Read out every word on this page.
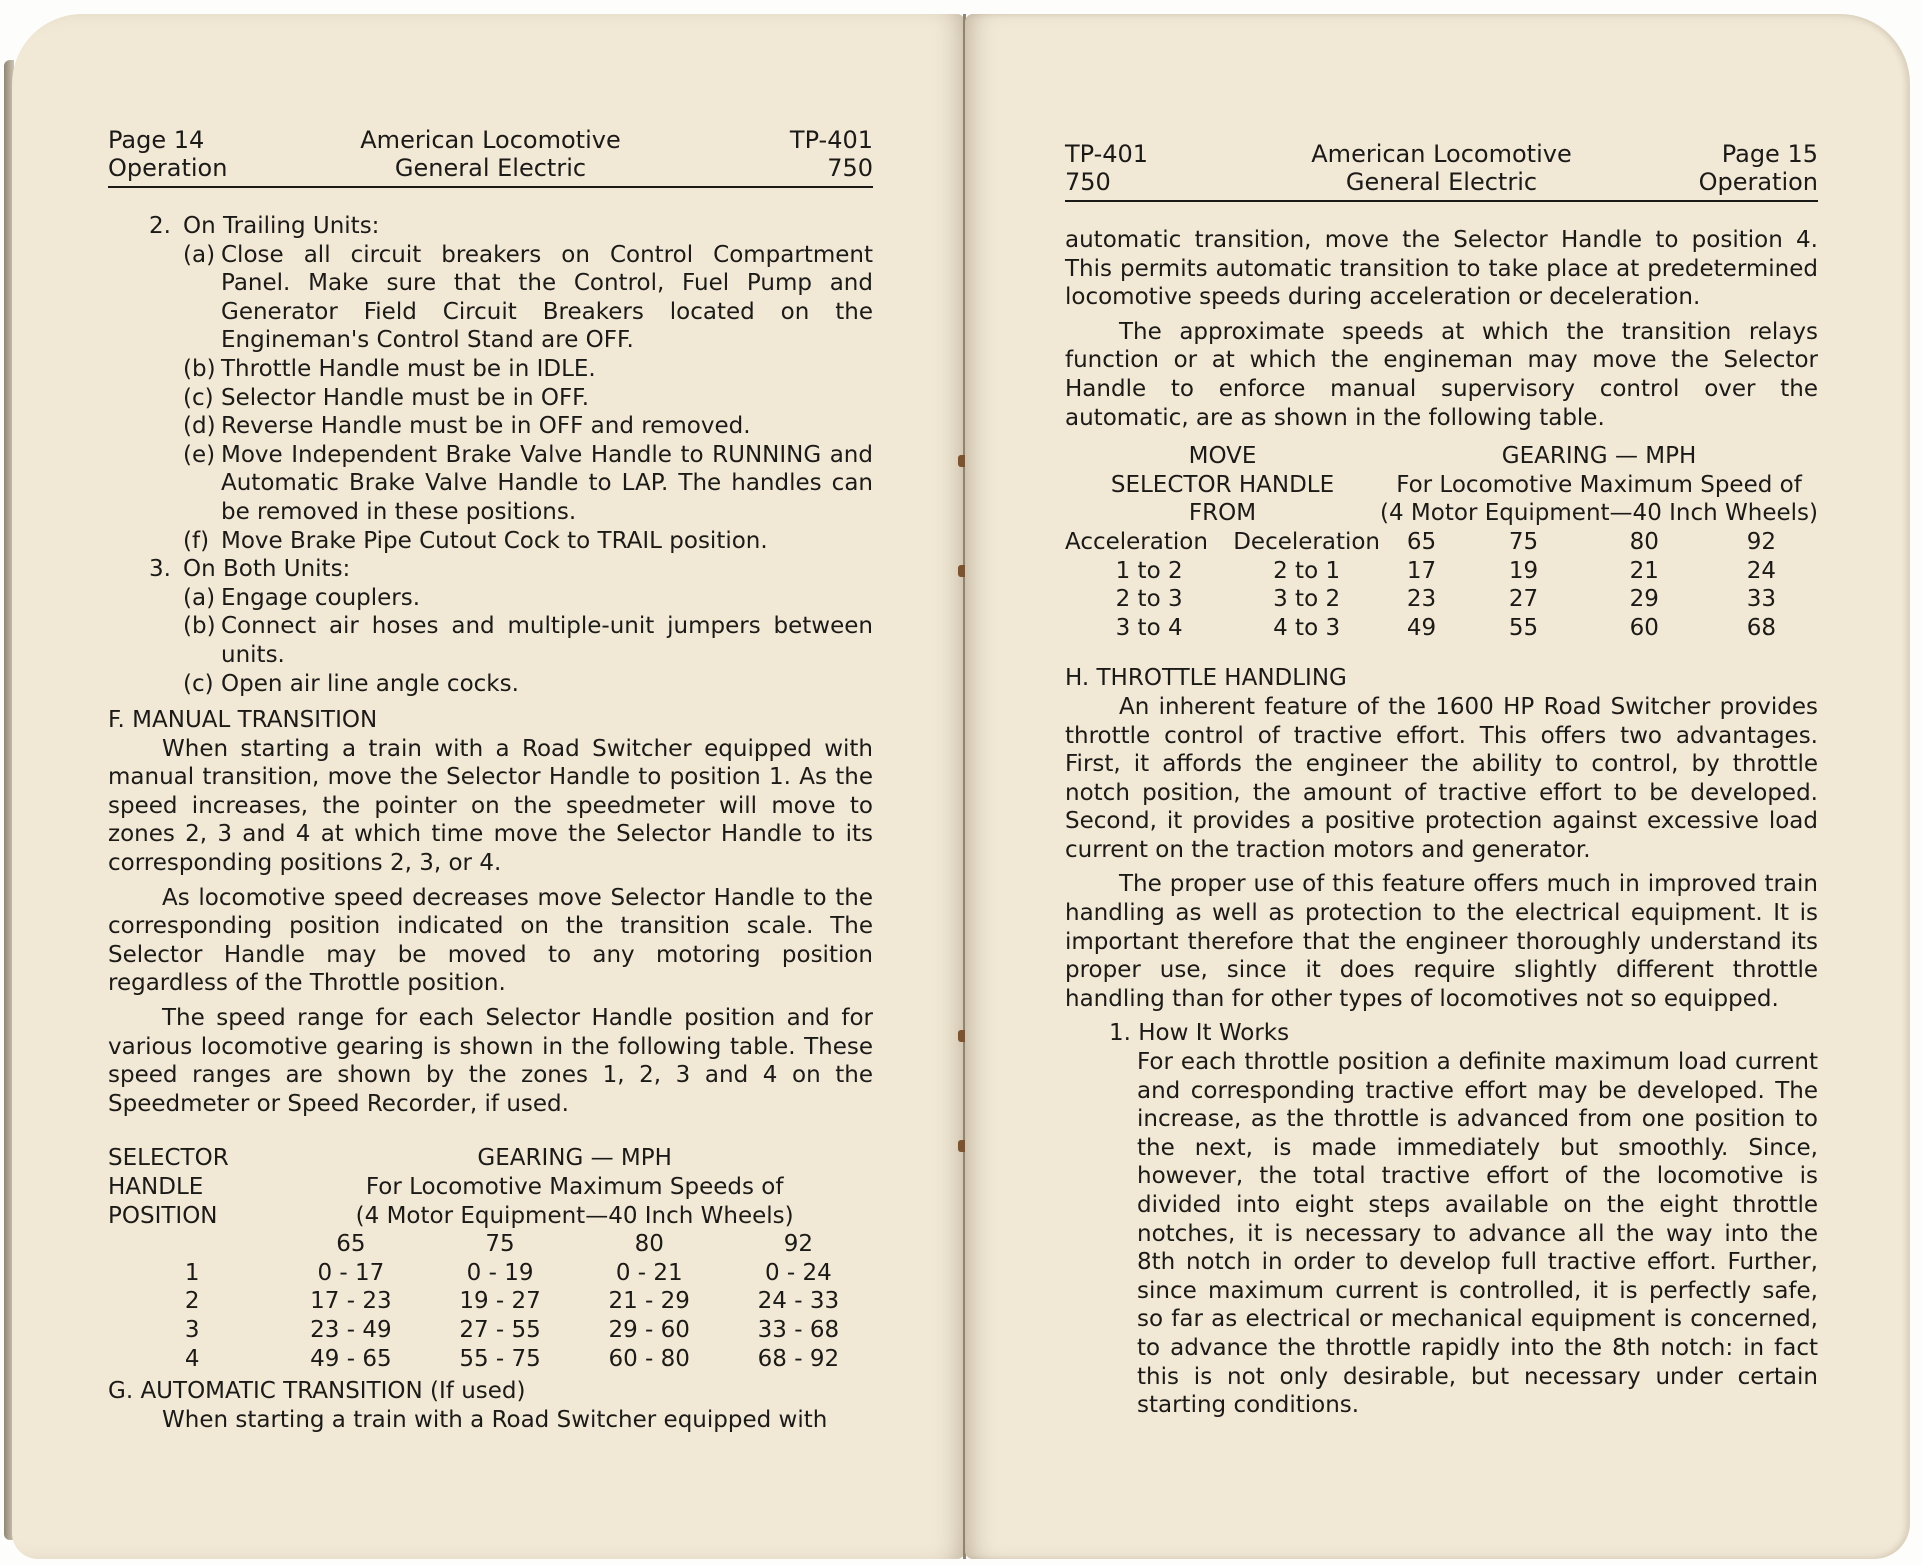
Page 14
Operation
American Locomotive
General Electric
TP-401
750
2. On Trailing Units:
(a) Close all circuit breakers on Control Compartment Panel. Make sure that the Control, Fuel Pump and Generator Field Circuit Breakers located on the Engineman's Control Stand are OFF.
(b) Throttle Handle must be in IDLE.
(c) Selector Handle must be in OFF.
(d) Reverse Handle must be in OFF and removed.
(e) Move Independent Brake Valve Handle to RUNNING and Automatic Brake Valve Handle to LAP. The handles can be removed in these positions.
(f) Move Brake Pipe Cutout Cock to TRAIL position.
3. On Both Units:
(a) Engage couplers.
(b) Connect air hoses and multiple-unit jumpers between units.
(c) Open air line angle cocks.
F. MANUAL TRANSITION

When starting a train with a Road Switcher equipped with manual transition, move the Selector Handle to position 1. As the speed increases, the pointer on the speedmeter will move to zones 2, 3 and 4 at which time move the Selector Handle to its corresponding positions 2, 3, or 4.

As locomotive speed decreases move Selector Handle to the corresponding position indicated on the transition scale. The Selector Handle may be moved to any motoring position regardless of the Throttle position.

The speed range for each Selector Handle position and for various locomotive gearing is shown in the following table. These speed ranges are shown by the zones 1, 2, 3 and 4 on the Speedmeter or Speed Recorder, if used.

SELECTOR	GEARING — MPH			
HANDLE	For Locomotive Maximum Speeds of			
POSITION	(4 Motor Equipment—40 Inch Wheels)			
	65	75	80	92
1	0 - 17	0 - 19	0 - 21	0 - 24
2	17 - 23	19 - 27	21 - 29	24 - 33
3	23 - 49	27 - 55	29 - 60	33 - 68
4	49 - 65	55 - 75	60 - 80	68 - 92
G. AUTOMATIC TRANSITION (If used)

When starting a train with a Road Switcher equipped with

TP-401
750
American Locomotive
General Electric
Page 15
Operation

automatic transition, move the Selector Handle to position 4. This permits automatic transition to take place at predetermined locomotive speeds during acceleration or deceleration.

The approximate speeds at which the transition relays function or at which the engineman may move the Selector Handle to enforce manual supervisory control over the automatic, are as shown in the following table.

MOVE		GEARING — MPH			
SELECTOR HANDLE		For Locomotive Maximum Speed of			
FROM		(4 Motor Equipment—40 Inch Wheels)			
Acceleration	Deceleration	65	75	80	92
1 to 2	2 to 1	17	19	21	24
2 to 3	3 to 2	23	27	29	33
3 to 4	4 to 3	49	55	60	68
H. THROTTLE HANDLING

An inherent feature of the 1600 HP Road Switcher provides throttle control of tractive effort. This offers two advantages. First, it affords the engineer the ability to control, by throttle notch position, the amount of tractive effort to be developed. Second, it provides a positive protection against excessive load current on the traction motors and generator.

The proper use of this feature offers much in improved train handling as well as protection to the electrical equipment. It is important therefore that the engineer thoroughly understand its proper use, since it does require slightly different throttle handling than for other types of locomotives not so equipped.

1. How It Works

For each throttle position a definite maximum load current and corresponding tractive effort may be developed. The increase, as the throttle is advanced from one position to the next, is made immediately but smoothly. Since, however, the total tractive effort of the locomotive is divided into eight steps available on the eight throttle notches, it is necessary to advance all the way into the 8th notch in order to develop full tractive effort. Further, since maximum current is controlled, it is perfectly safe, so far as electrical or mechanical equipment is concerned, to advance the throttle rapidly into the 8th notch: in fact this is not only desirable, but necessary under certain starting conditions.
